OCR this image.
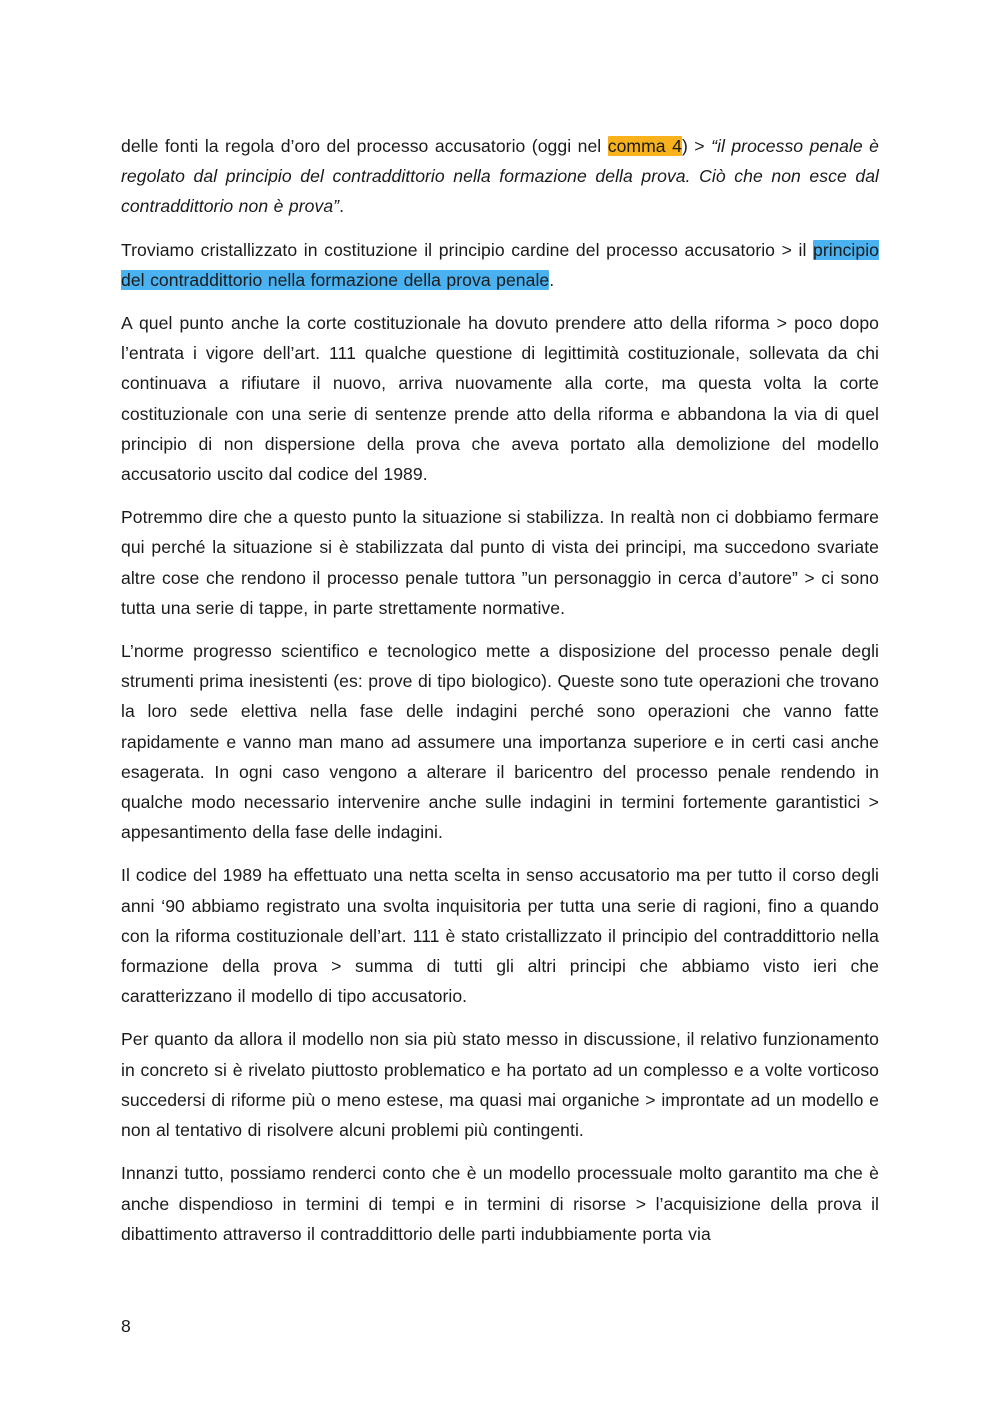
delle fonti la regola d’oro del processo accusatorio (oggi nel comma 4) > “il processo penale è regolato dal principio del contraddittorio nella formazione della prova. Ciò che non esce dal contraddittorio non è prova”.

Troviamo cristallizzato in costituzione il principio cardine del processo accusatorio > il principio del contraddittorio nella formazione della prova penale.

A quel punto anche la corte costituzionale ha dovuto prendere atto della riforma > poco dopo l’entrata i vigore dell’art. 111 qualche questione di legittimità costituzionale, sollevata da chi continuava a rifiutare il nuovo, arriva nuovamente alla corte, ma questa volta la corte costituzionale con una serie di sentenze prende atto della riforma e abbandona la via di quel principio di non dispersione della prova che aveva portato alla demolizione del modello accusatorio uscito dal codice del 1989.

Potremmo dire che a questo punto la situazione si stabilizza. In realtà non ci dobbiamo fermare qui perché la situazione si è stabilizzata dal punto di vista dei principi, ma succedono svariate altre cose che rendono il processo penale tuttora ”un personaggio in cerca d’autore” > ci sono tutta una serie di tappe, in parte strettamente normative.

L’norme progresso scientifico e tecnologico mette a disposizione del processo penale degli strumenti prima inesistenti (es: prove di tipo biologico). Queste sono tute operazioni che trovano la loro sede elettiva nella fase delle indagini perché sono operazioni che vanno fatte rapidamente e vanno man mano ad assumere una importanza superiore e in certi casi anche esagerata. In ogni caso vengono a alterare il baricentro del processo penale rendendo in qualche modo necessario intervenire anche sulle indagini in termini fortemente garantistici > appesantimento della fase delle indagini.

Il codice del 1989 ha effettuato una netta scelta in senso accusatorio ma per tutto il corso degli anni ‘90 abbiamo registrato una svolta inquisitoria per tutta una serie di ragioni, fino a quando con la riforma costituzionale dell’art. 111 è stato cristallizzato il principio del contraddittorio nella formazione della prova > summa di tutti gli altri principi che abbiamo visto ieri che caratterizzano il modello di tipo accusatorio.

Per quanto da allora il modello non sia più stato messo in discussione, il relativo funzionamento in concreto si è rivelato piuttosto problematico e ha portato ad un complesso e a volte vorticoso succedersi di riforme più o meno estese, ma quasi mai organiche > improntate ad un modello e non al tentativo di risolvere alcuni problemi più contingenti.

Innanzi tutto, possiamo renderci conto che è un modello processuale molto garantito ma che è anche dispendioso in termini di tempi e in termini di risorse > l’acquisizione della prova il dibattimento attraverso il contraddittorio delle parti indubbiamente porta via

8
